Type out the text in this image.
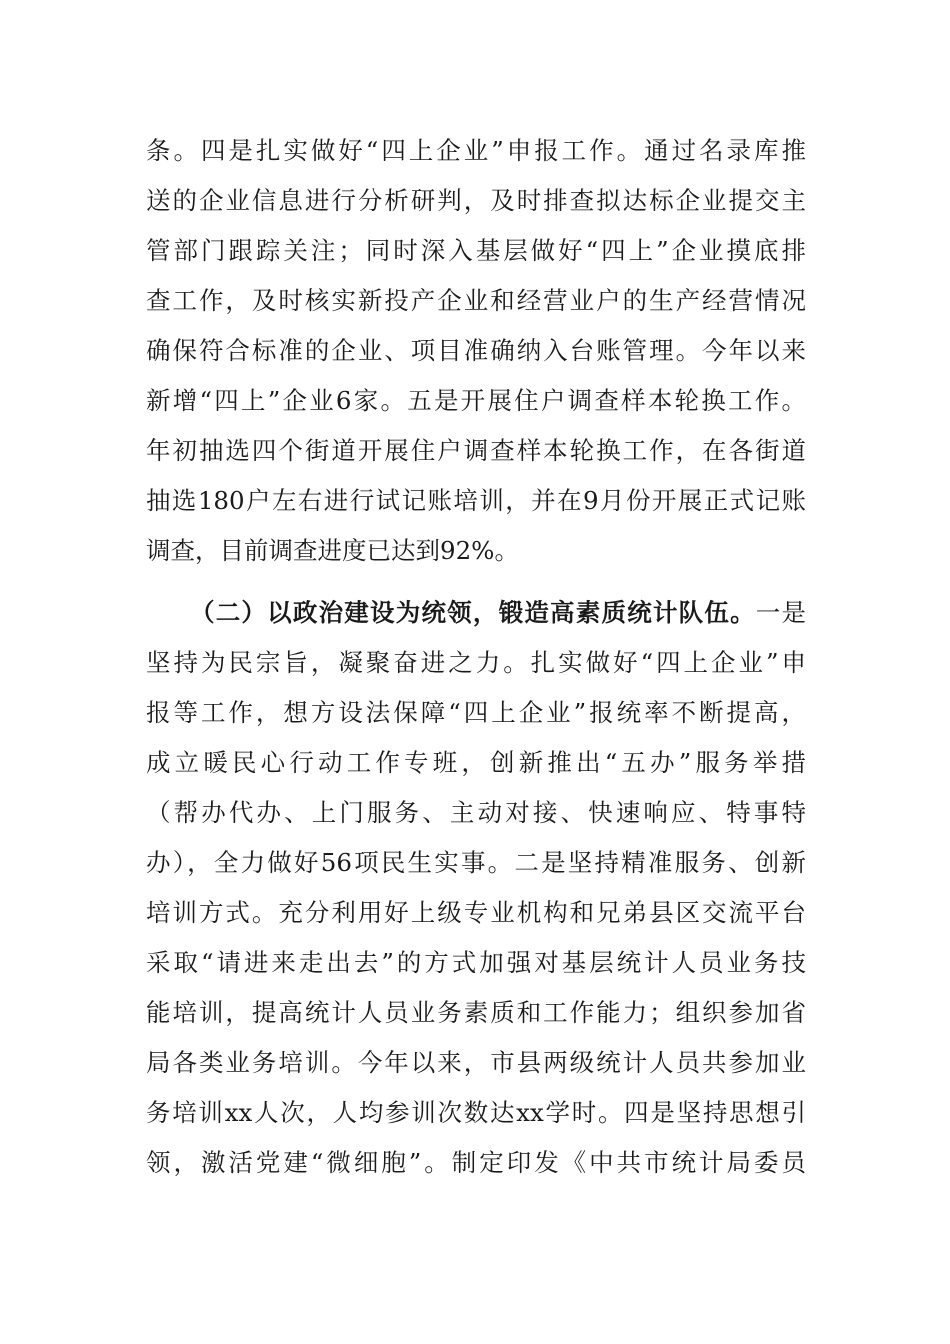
条。四是扎实做好“四上企业”申报工作。通过名录库推
送的企业信息进行分析研判，及时排查拟达标企业提交主
管部门跟踪关注；同时深入基层做好“四上”企业摸底排
查工作，及时核实新投产企业和经营业户的生产经营情况
确保符合标准的企业、项目准确纳入台账管理。今年以来
新增“四上”企业6家。五是开展住户调查样本轮换工作。
年初抽选四个街道开展住户调查样本轮换工作，在各街道
抽选180户左右进行试记账培训，并在9月份开展正式记账
调查，目前调查进度已达到92%。
（二）以政治建设为统领，锻造高素质统计队伍。一是
坚持为民宗旨，凝聚奋进之力。扎实做好“四上企业”申
报等工作，想方设法保障“四上企业”报统率不断提高，
成立暖民心行动工作专班，创新推出“五办”服务举措
（帮办代办、上门服务、主动对接、快速响应、特事特
办），全力做好56项民生实事。二是坚持精准服务、创新
培训方式。充分利用好上级专业机构和兄弟县区交流平台
采取“请进来走出去”的方式加强对基层统计人员业务技
能培训，提高统计人员业务素质和工作能力；组织参加省
局各类业务培训。今年以来，市县两级统计人员共参加业
务培训xx人次，人均参训次数达xx学时。四是坚持思想引
领，激活党建“微细胞”。制定印发《中共市统计局委员
